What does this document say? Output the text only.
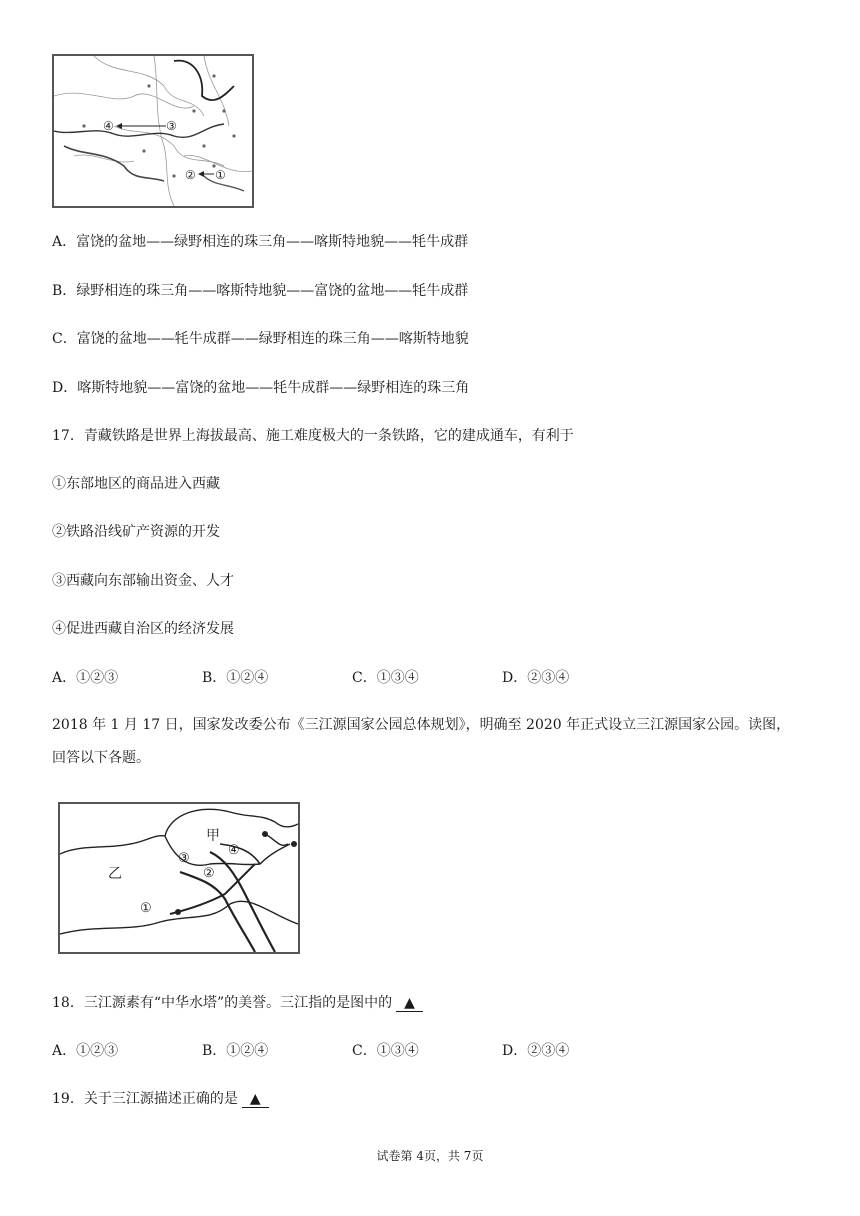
④	③
② ①
A．富饶的盆地——绿野相连的珠三角——喀斯特地貌——牦牛成群
B．绿野相连的珠三角——喀斯特地貌——富饶的盆地——牦牛成群
C．富饶的盆地——牦牛成群——绿野相连的珠三角——喀斯特地貌
D．喀斯特地貌——富饶的盆地——牦牛成群——绿野相连的珠三角
17．青藏铁路是世界上海拔最高、施工难度极大的一条铁路，它的建成通车，有利于
①东部地区的商品进入西藏
②铁路沿线矿产资源的开发
③西藏向东部输出资金、人才
④促进西藏自治区的经济发展
A．①②③	B．①②④	C．①③④	D．②③④
2018 年 1 月 17 日，国家发改委公布《三江源国家公园总体规划》，明确至 2020 年正式设立三江源国家公园。读图，
回答以下各题。
甲
乙
③
④
②
①
18．三江源素有“中华水塔”的美誉。三江指的是图中的 ▲
A．①②③	B．①②④	C．①③④	D．②③④
19．关于三江源描述正确的是 ▲
试卷第 4页，共 7页
